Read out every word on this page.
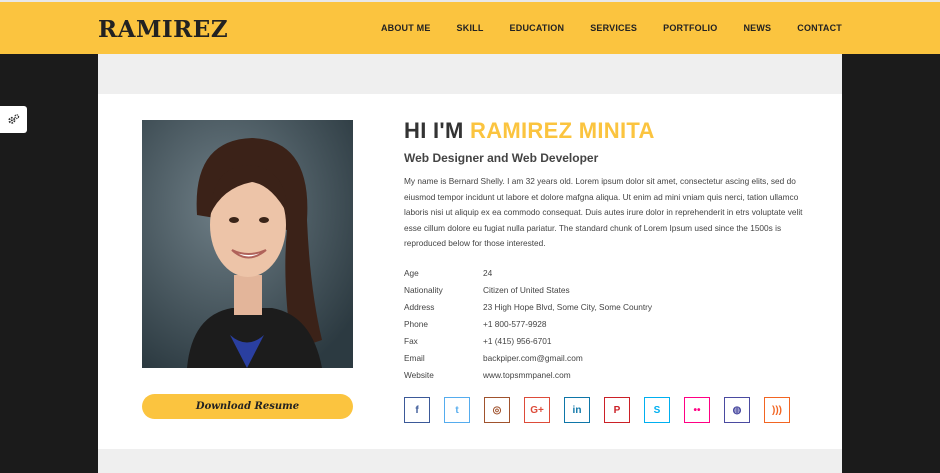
RAMIREZ	ABOUT ME	SKILL	EDUCATION	SERVICES	PORTFOLIO	NEWS	CONTACT
Download Resume
HI I'M RAMIREZ MINITA
Web Designer and Web Developer

My name is Bernard Shelly. I am 32 years old. Lorem ipsum dolor sit amet, consectetur ascing elits, sed do eiusmod tempor incidunt ut labore et dolore mafgna aliqua. Ut enim ad mini vniam quis nerci, tation ullamco laboris nisi ut aliquip ex ea commodo consequat. Duis autes irure dolor in reprehenderit in etrs voluptate velit esse cillum dolore eu fugiat nulla pariatur. The standard chunk of Lorem Ipsum used since the 1500s is reproduced below for those interested.

Age	24
Nationality	Citizen of United States
Address	23 High Hope Blvd, Some City, Some Country
Phone	+1 800-577-9928
Fax	+1 (415) 956-6701
Email	backpiper.com@gmail.com
Website	www.topsmmpanel.com
f	t	◎	G+	in	P	S	••	◍	)))
